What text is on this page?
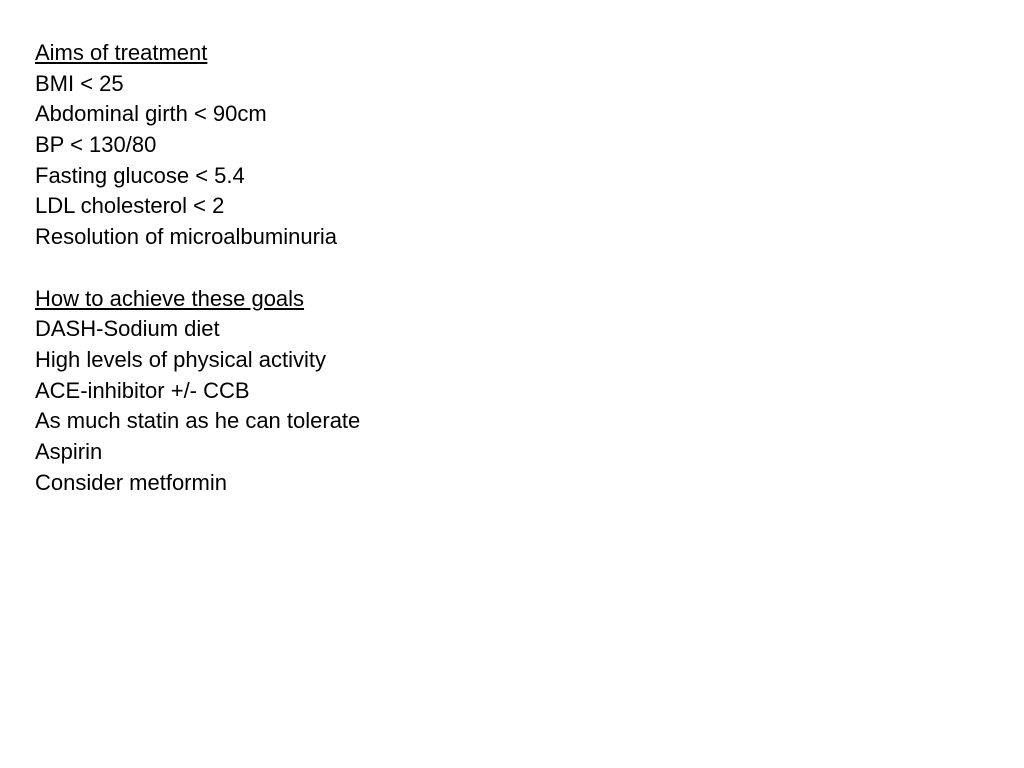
Aims of treatment
BMI < 25
Abdominal girth < 90cm
BP < 130/80
Fasting glucose < 5.4
LDL cholesterol < 2
Resolution of microalbuminuria
How to achieve these goals
DASH-Sodium diet
High levels of physical activity
ACE-inhibitor +/- CCB
As much statin as he can tolerate
Aspirin
Consider metformin
